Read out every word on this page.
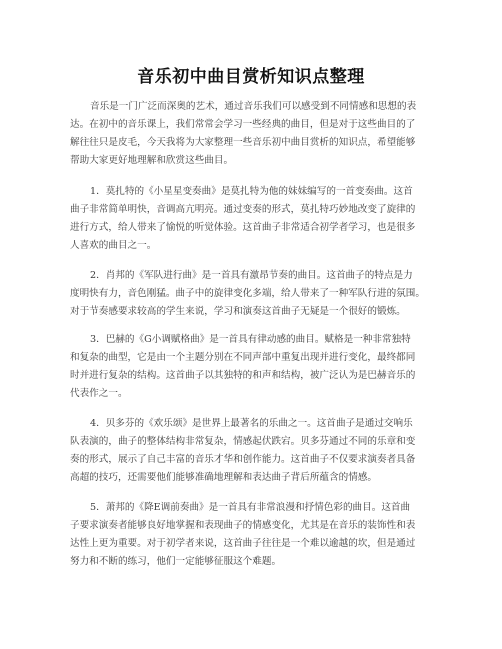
音乐初中曲目赏析知识点整理
音乐是一门广泛而深奥的艺术，通过音乐我们可以感受到不同情感和思想的表
达。在初中的音乐课上，我们常常会学习一些经典的曲目，但是对于这些曲目的了
解往往只是皮毛，今天我将为大家整理一些音乐初中曲目赏析的知识点，希望能够
帮助大家更好地理解和欣赏这些曲目。
1．莫扎特的《小星星变奏曲》是莫扎特为他的妹妹编写的一首变奏曲。这首
曲子非常简单明快，音调高亢明亮。通过变奏的形式，莫扎特巧妙地改变了旋律的
进行方式，给人带来了愉悦的听觉体验。这首曲子非常适合初学者学习，也是很多
人喜欢的曲目之一。
2．肖邦的《军队进行曲》是一首具有激昂节奏的曲目。这首曲子的特点是力
度明快有力，音色刚猛。曲子中的旋律变化多端，给人带来了一种军队行进的氛围。
对于节奏感要求较高的学生来说，学习和演奏这首曲子无疑是一个很好的锻炼。
3．巴赫的《G小调赋格曲》是一首具有律动感的曲目。赋格是一种非常独特
和复杂的曲型，它是由一个主题分别在不同声部中重复出现并进行变化，最终都同
时并进行复杂的结构。这首曲子以其独特的和声和结构，被广泛认为是巴赫音乐的
代表作之一。
4．贝多芬的《欢乐颂》是世界上最著名的乐曲之一。这首曲子是通过交响乐
队表演的，曲子的整体结构非常复杂，情感起伏跌宕。贝多芬通过不同的乐章和变
奏的形式，展示了自己丰富的音乐才华和创作能力。这首曲子不仅要求演奏者具备
高超的技巧，还需要他们能够准确地理解和表达曲子背后所蕴含的情感。
5．萧邦的《降E调前奏曲》是一首具有非常浪漫和抒情色彩的曲目。这首曲
子要求演奏者能够良好地掌握和表现曲子的情感变化，尤其是在音乐的装饰性和表
达性上更为重要。对于初学者来说，这首曲子往往是一个难以逾越的坎，但是通过
努力和不断的练习，他们一定能够征服这个难题。
